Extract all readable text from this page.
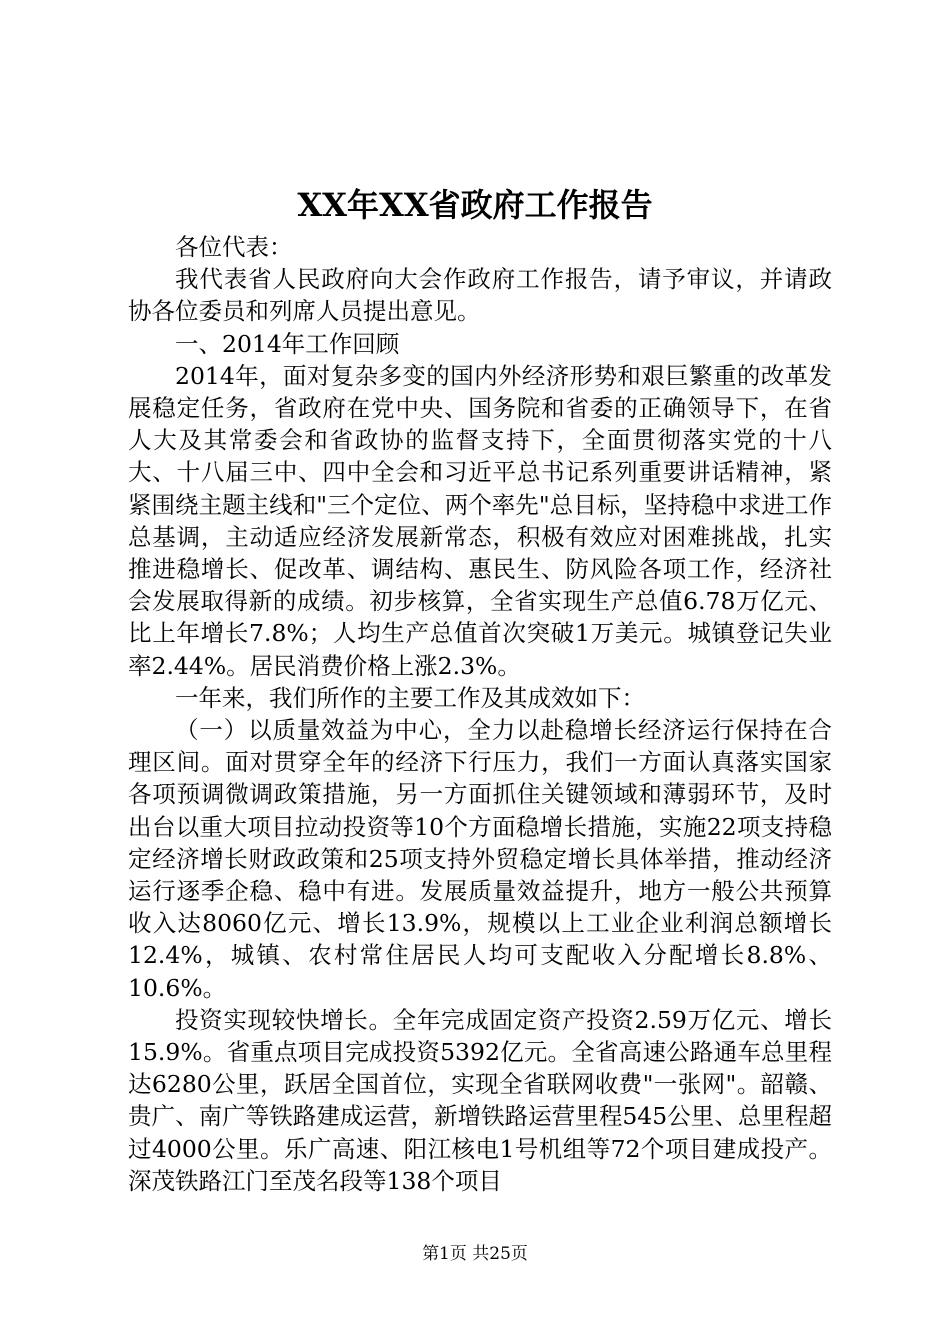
XX年XX省政府工作报告

各位代表：

我代表省人民政府向大会作政府工作报告，请予审议，并请政协各位委员和列席人员提出意见。

一、2014年工作回顾

2014年，面对复杂多变的国内外经济形势和艰巨繁重的改革发展稳定任务，省政府在党中央、国务院和省委的正确领导下，在省人大及其常委会和省政协的监督支持下，全面贯彻落实党的十八大、十八届三中、四中全会和习近平总书记系列重要讲话精神，紧紧围绕主题主线和"三个定位、两个率先"总目标，坚持稳中求进工作总基调，主动适应经济发展新常态，积极有效应对困难挑战，扎实推进稳增长、促改革、调结构、惠民生、防风险各项工作，经济社会发展取得新的成绩。初步核算，全省实现生产总值6.78万亿元、比上年增长7.8%；人均生产总值首次突破1万美元。城镇登记失业率2.44%。居民消费价格上涨2.3%。

一年来，我们所作的主要工作及其成效如下：

（一）以质量效益为中心，全力以赴稳增长经济运行保持在合理区间。面对贯穿全年的经济下行压力，我们一方面认真落实国家各项预调微调政策措施，另一方面抓住关键领域和薄弱环节，及时出台以重大项目拉动投资等10个方面稳增长措施，实施22项支持稳定经济增长财政政策和25项支持外贸稳定增长具体举措，推动经济运行逐季企稳、稳中有进。发展质量效益提升，地方一般公共预算收入达8060亿元、增长13.9%，规模以上工业企业利润总额增长12.4%，城镇、农村常住居民人均可支配收入分配增长8.8%、10.6%。

投资实现较快增长。全年完成固定资产投资2.59万亿元、增长15.9%。省重点项目完成投资5392亿元。全省高速公路通车总里程达6280公里，跃居全国首位，实现全省联网收费"一张网"。韶赣、贵广、南广等铁路建成运营，新增铁路运营里程545公里、总里程超过4000公里。乐广高速、阳江核电1号机组等72个项目建成投产。深茂铁路江门至茂名段等138个项目

第1页 共25页
